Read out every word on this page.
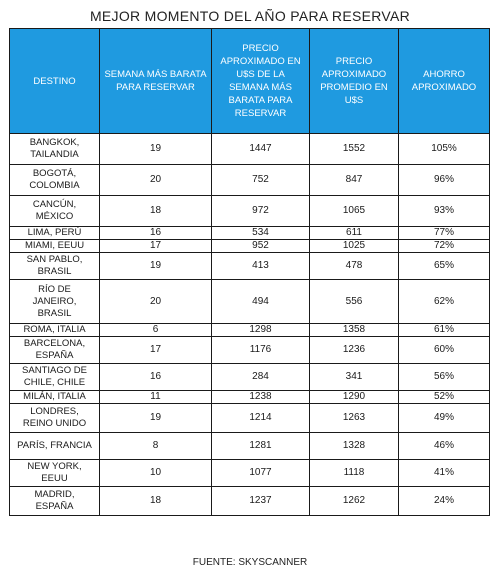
MEJOR MOMENTO DEL AÑO PARA RESERVAR
DESTINO	SEMANA MÁS BARATA PARA RESERVAR	PRECIO APROXIMADO EN U$S DE LA SEMANA MÁS BARATA PARA RESERVAR	PRECIO APROXIMADO PROMEDIO EN U$S	AHORRO APROXIMADO
BANGKOK,
TAILANDIA	19	1447	1552	105%
BOGOTÁ,
COLOMBIA	20	752	847	96%
CANCÚN,
MÉXICO	18	972	1065	93%
LIMA, PERÚ	16	534	611	77%
MIAMI, EEUU	17	952	1025	72%
SAN PABLO,
BRASIL	19	413	478	65%
RÍO DE
JANEIRO,
BRASIL	20	494	556	62%
ROMA, ITALIA	6	1298	1358	61%
BARCELONA,
ESPAÑA	17	1176	1236	60%
SANTIAGO DE
CHILE, CHILE	16	284	341	56%
MILÁN, ITALIA	11	1238	1290	52%
LONDRES,
REINO UNIDO	19	1214	1263	49%
PARÍS, FRANCIA	8	1281	1328	46%
NEW YORK,
EEUU	10	1077	1118	41%
MADRID,
ESPAÑA	18	1237	1262	24%
FUENTE: SKYSCANNER
